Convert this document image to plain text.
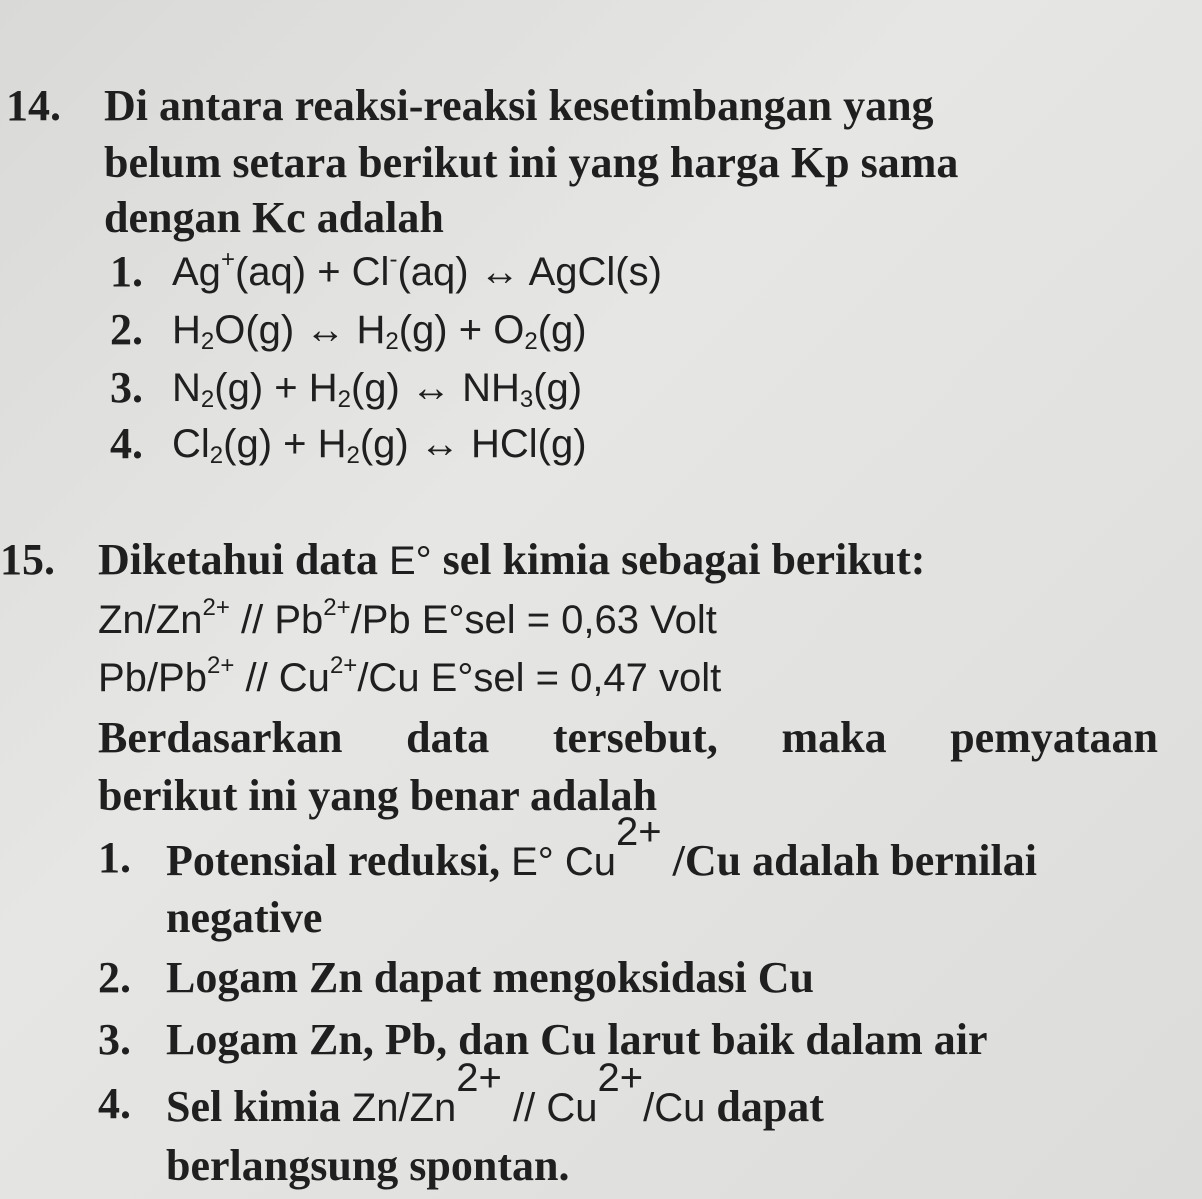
14. Di antara reaksi-reaksi kesetimbangan yang
belum setara berikut ini yang harga Kp sama
dengan Kc adalah
1. Ag+(aq) + Cl-(aq) ↔ AgCl(s)
2. $H_2O(g)$ ↔ $H_2(g) + O_2(g)$
3. $N_2(g) + H_2(g)$ ↔ $NH_3(g)$
4. $Cl_2(g) + H_2(g)$ ↔ HCl(g)
15. Diketahui data E° sel kimia sebagai berikut:
$Zn/Zn^{2+} // Pb^{2+}/Pb$ E°sel = 0,63 Volt
$Pb/Pb^{2+} // Cu^{2+}/Cu$ E°sel = 0,47 volt
Berdasarkan data tersebut, maka pemyataan
berikut ini yang benar adalah
1. Potensial reduksi, E° $Cu^{2+}$ /Cu adalah bernilai
negative
2. Logam Zn dapat mengoksidasi Cu
3. Logam Zn, Pb, dan Cu larut baik dalam air
4. Sel kimia $Zn/Zn^{2+} // Cu^{2+}/Cu$ dapat
berlangsung spontan.
